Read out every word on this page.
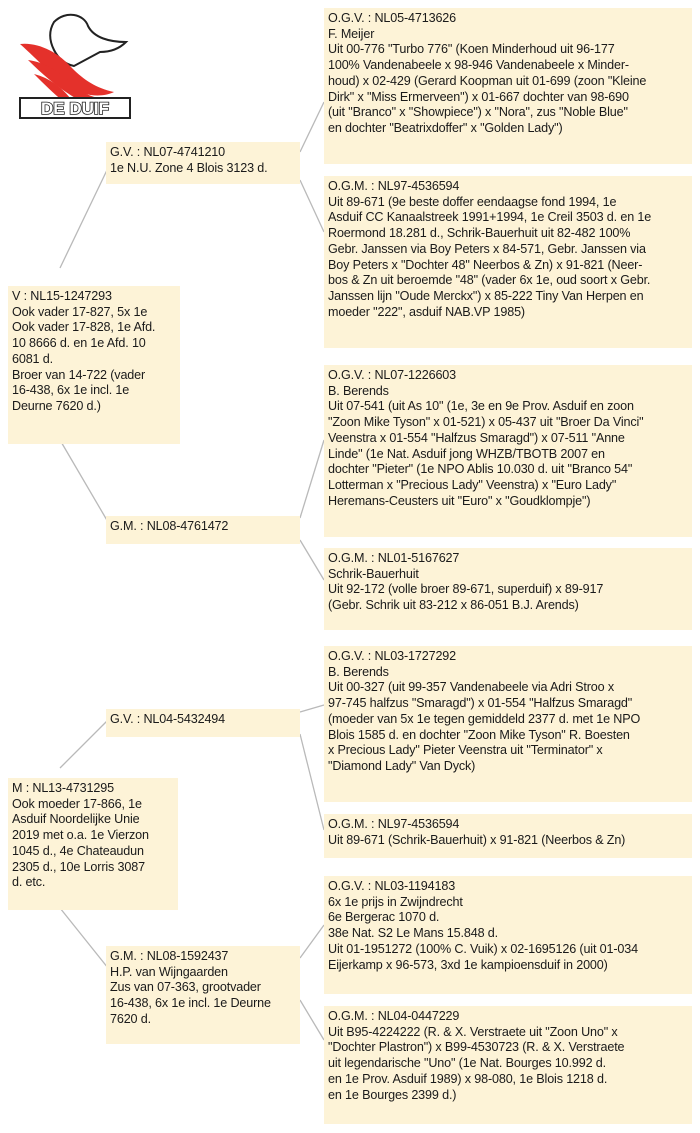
DE DUIF

V : NL15-1247293

Ook vader 17-827, 5x 1e
Ook vader 17-828, 1e Afd.
10 8666 d. en 1e Afd. 10
6081 d.
Broer van 14-722 (vader
16-438, 6x 1e incl. 1e
Deurne 7620 d.)

M : NL13-4731295

Ook moeder 17-866, 1e
Asduif Noordelijke Unie
2019 met o.a. 1e Vierzon
1045 d., 4e Chateaudun
2305 d., 10e Lorris 3087
d. etc.

G.V. : NL07-4741210

1e N.U. Zone 4 Blois 3123 d.

G.M. : NL08-4761472

G.V. : NL04-5432494

G.M. : NL08-1592437

H.P. van Wijngaarden
Zus van 07-363, grootvader
16-438, 6x 1e incl. 1e Deurne
7620 d.

O.G.V. : NL05-4713626

F. Meijer
Uit 00-776 "Turbo 776" (Koen Minderhoud uit 96-177
100% Vandenabeele x 98-946 Vandenabeele x Minder-
houd) x 02-429 (Gerard Koopman uit 01-699 (zoon "Kleine
Dirk" x "Miss Ermerveen") x 01-667 dochter van 98-690
(uit "Branco" x "Showpiece") x "Nora", zus "Noble Blue"
en dochter "Beatrixdoffer" x "Golden Lady")

O.G.M. : NL97-4536594

Uit 89-671 (9e beste doffer eendaagse fond 1994, 1e
Asduif CC Kanaalstreek 1991+1994, 1e Creil 3503 d. en 1e
Roermond 18.281 d., Schrik-Bauerhuit uit 82-482 100%
Gebr. Janssen via Boy Peters x 84-571, Gebr. Janssen via
Boy Peters x "Dochter 48" Neerbos & Zn) x 91-821 (Neer-
bos & Zn uit beroemde "48" (vader 6x 1e, oud soort x Gebr.
Janssen lijn "Oude Merckx") x 85-222 Tiny Van Herpen en
moeder "222", asduif NAB.VP 1985)

O.G.V. : NL07-1226603

B. Berends
Uit 07-541 (uit As 10" (1e, 3e en 9e Prov. Asduif en zoon
"Zoon Mike Tyson" x 01-521) x 05-437 uit "Broer Da Vinci"
Veenstra x 01-554 "Halfzus Smaragd") x 07-511 "Anne
Linde" (1e Nat. Asduif jong WHZB/TBOTB 2007 en
dochter "Pieter" (1e NPO Ablis 10.030 d. uit "Branco 54"
Lotterman x "Precious Lady" Veenstra) x "Euro Lady"
Heremans-Ceusters uit "Euro" x "Goudklompje")

O.G.M. : NL01-5167627

Schrik-Bauerhuit
Uit 92-172 (volle broer 89-671, superduif) x 89-917
(Gebr. Schrik uit 83-212 x 86-051 B.J. Arends)

O.G.V. : NL03-1727292

B. Berends
Uit 00-327 (uit 99-357 Vandenabeele via Adri Stroo x
97-745 halfzus "Smaragd") x 01-554 "Halfzus Smaragd"
(moeder van 5x 1e tegen gemiddeld 2377 d. met 1e NPO
Blois 1585 d. en dochter "Zoon Mike Tyson" R. Boesten
x Precious Lady" Pieter Veenstra uit "Terminator" x
"Diamond Lady" Van Dyck)

O.G.M. : NL97-4536594

Uit 89-671 (Schrik-Bauerhuit) x 91-821 (Neerbos & Zn)

O.G.V. : NL03-1194183

6x 1e prijs in Zwijndrecht
6e Bergerac 1070 d.
38e Nat. S2 Le Mans 15.848 d.
Uit 01-1951272 (100% C. Vuik) x 02-1695126 (uit 01-034
Eijerkamp x 96-573, 3xd 1e kampioensduif in 2000)

O.G.M. : NL04-0447229

Uit B95-4224222 (R. & X. Verstraete uit "Zoon Uno" x
"Dochter Plastron") x B99-4530723 (R. & X. Verstraete
uit legendarische "Uno" (1e Nat. Bourges 10.992 d.
en 1e Prov. Asduif 1989) x 98-080, 1e Blois 1218 d.
en 1e Bourges 2399 d.)
